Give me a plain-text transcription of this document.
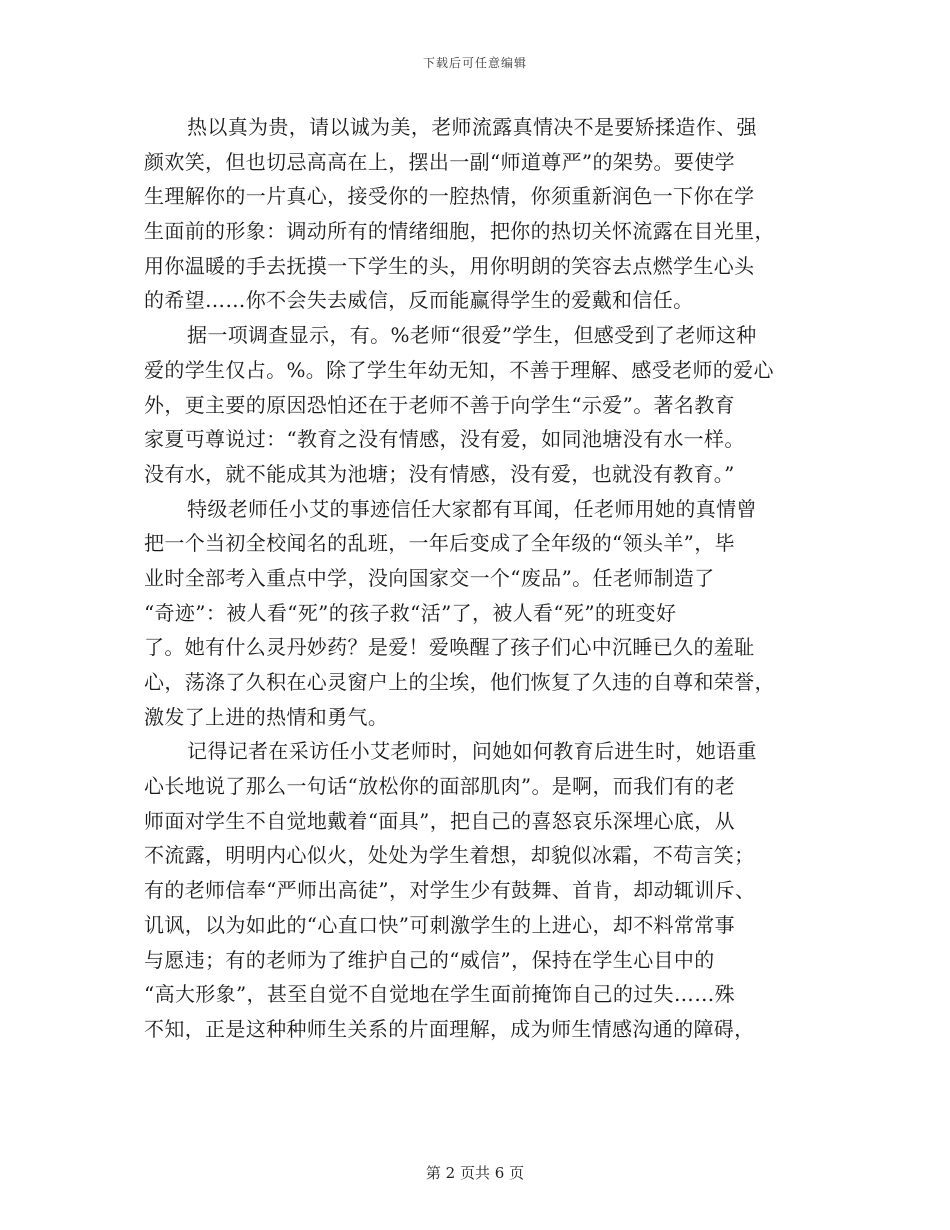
下载后可任意编辑
热以真为贵，请以诚为美，老师流露真情决不是要矫揉造作、强
颜欢笑，但也切忌高高在上，摆出一副“师道尊严”的架势。要使学
生理解你的一片真心，接受你的一腔热情，你须重新润色一下你在学
生面前的形象：调动所有的情绪细胞，把你的热切关怀流露在目光里，
用你温暖的手去抚摸一下学生的头，用你明朗的笑容去点燃学生心头
的希望……你不会失去威信，反而能赢得学生的爱戴和信任。
据一项调查显示，有。%老师“很爱”学生，但感受到了老师这种
爱的学生仅占。%。除了学生年幼无知，不善于理解、感受老师的爱心
外，更主要的原因恐怕还在于老师不善于向学生“示爱”。著名教育
家夏丏尊说过：“教育之没有情感，没有爱，如同池塘没有水一样。
没有水，就不能成其为池塘；没有情感，没有爱，也就没有教育。”
特级老师任小艾的事迹信任大家都有耳闻，任老师用她的真情曾
把一个当初全校闻名的乱班，一年后变成了全年级的“领头羊”，毕
业时全部考入重点中学，没向国家交一个“废品”。任老师制造了
“奇迹”：被人看“死”的孩子救“活”了，被人看“死”的班变好
了。她有什么灵丹妙药？是爱！爱唤醒了孩子们心中沉睡已久的羞耻
心，荡涤了久积在心灵窗户上的尘埃，他们恢复了久违的自尊和荣誉，
激发了上进的热情和勇气。
记得记者在采访任小艾老师时，问她如何教育后进生时，她语重
心长地说了那么一句话“放松你的面部肌肉”。是啊，而我们有的老
师面对学生不自觉地戴着“面具”，把自己的喜怒哀乐深埋心底，从
不流露，明明内心似火，处处为学生着想，却貌似冰霜，不苟言笑；
有的老师信奉“严师出高徒”，对学生少有鼓舞、首肯，却动辄训斥、
讥讽，以为如此的“心直口快”可刺激学生的上进心，却不料常常事
与愿违；有的老师为了维护自己的“威信”，保持在学生心目中的
“高大形象”，甚至自觉不自觉地在学生面前掩饰自己的过失……殊
不知，正是这种种师生关系的片面理解，成为师生情感沟通的障碍，
第 2 页共 6 页
